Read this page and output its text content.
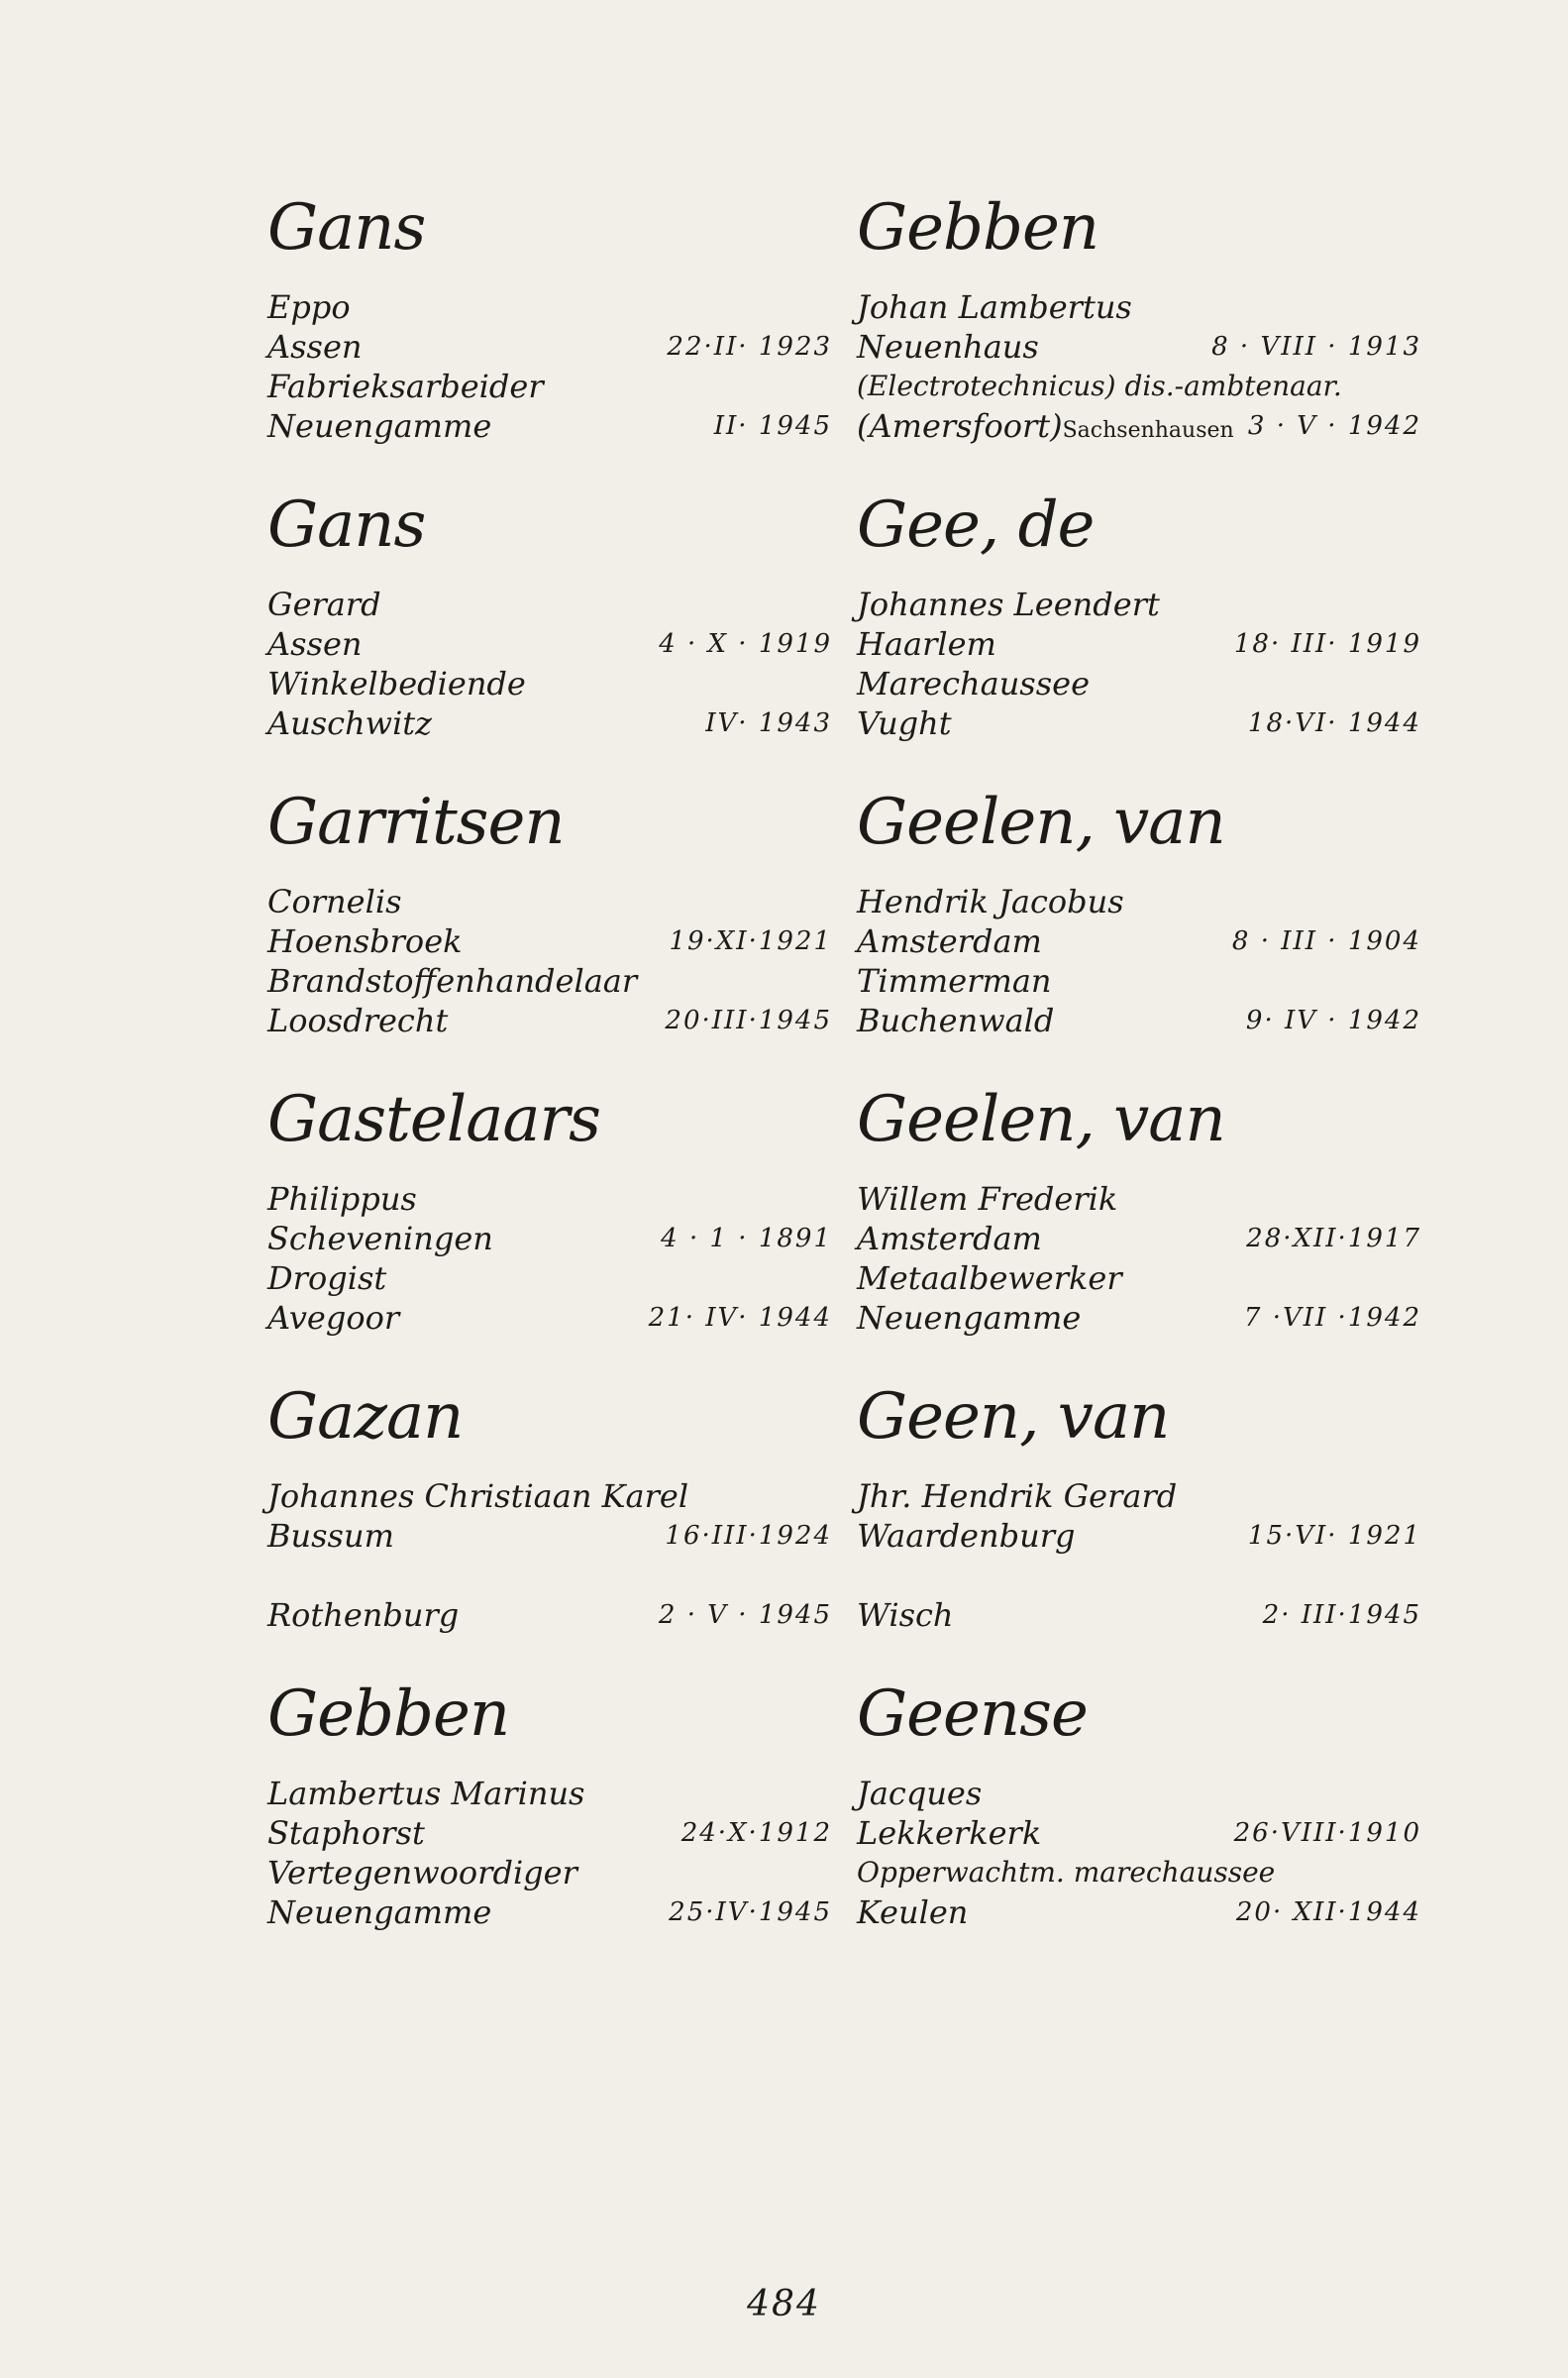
Gans
Eppo
Assen	22·II· 1923
Fabrieksarbeider
Neuengamme	II· 1945
Gans
Gerard
Assen	4 · X · 1919
Winkelbediende
Auschwitz	IV· 1943
Garritsen
Cornelis
Hoensbroek	19·XI·1921
Brandstoffenhandelaar
Loosdrecht	20·III·1945
Gastelaars
Philippus
Scheveningen	4 · 1 · 1891
Drogist
Avegoor	21· IV· 1944
Gazan
Johannes Christiaan Karel
Bussum	16·III·1924
Rothenburg	2 · V · 1945
Gebben
Lambertus Marinus
Staphorst	24·X·1912
Vertegenwoordiger
Neuengamme	25·IV·1945
Gebben
Johan Lambertus
Neuenhaus	8 · VIII · 1913
(Electrotechnicus) dis.-ambtenaar.
(Amersfoort)Sachsenhausen 3 · V · 1942
Gee, de
Johannes Leendert
Haarlem	18· III· 1919
Marechaussee
Vught	18·VI· 1944
Geelen, van
Hendrik Jacobus
Amsterdam	8 · III · 1904
Timmerman
Buchenwald	9· IV · 1942
Geelen, van
Willem Frederik
Amsterdam	28·XII·1917
Metaalbewerker
Neuengamme	7 ·VII ·1942
Geen, van
Jhr. Hendrik Gerard
Waardenburg	15·VI· 1921
Wisch	2· III·1945
Geense
Jacques
Lekkerkerk	26·VIII·1910
Opperwachtm. marechaussee
Keulen	20· XII·1944
484
